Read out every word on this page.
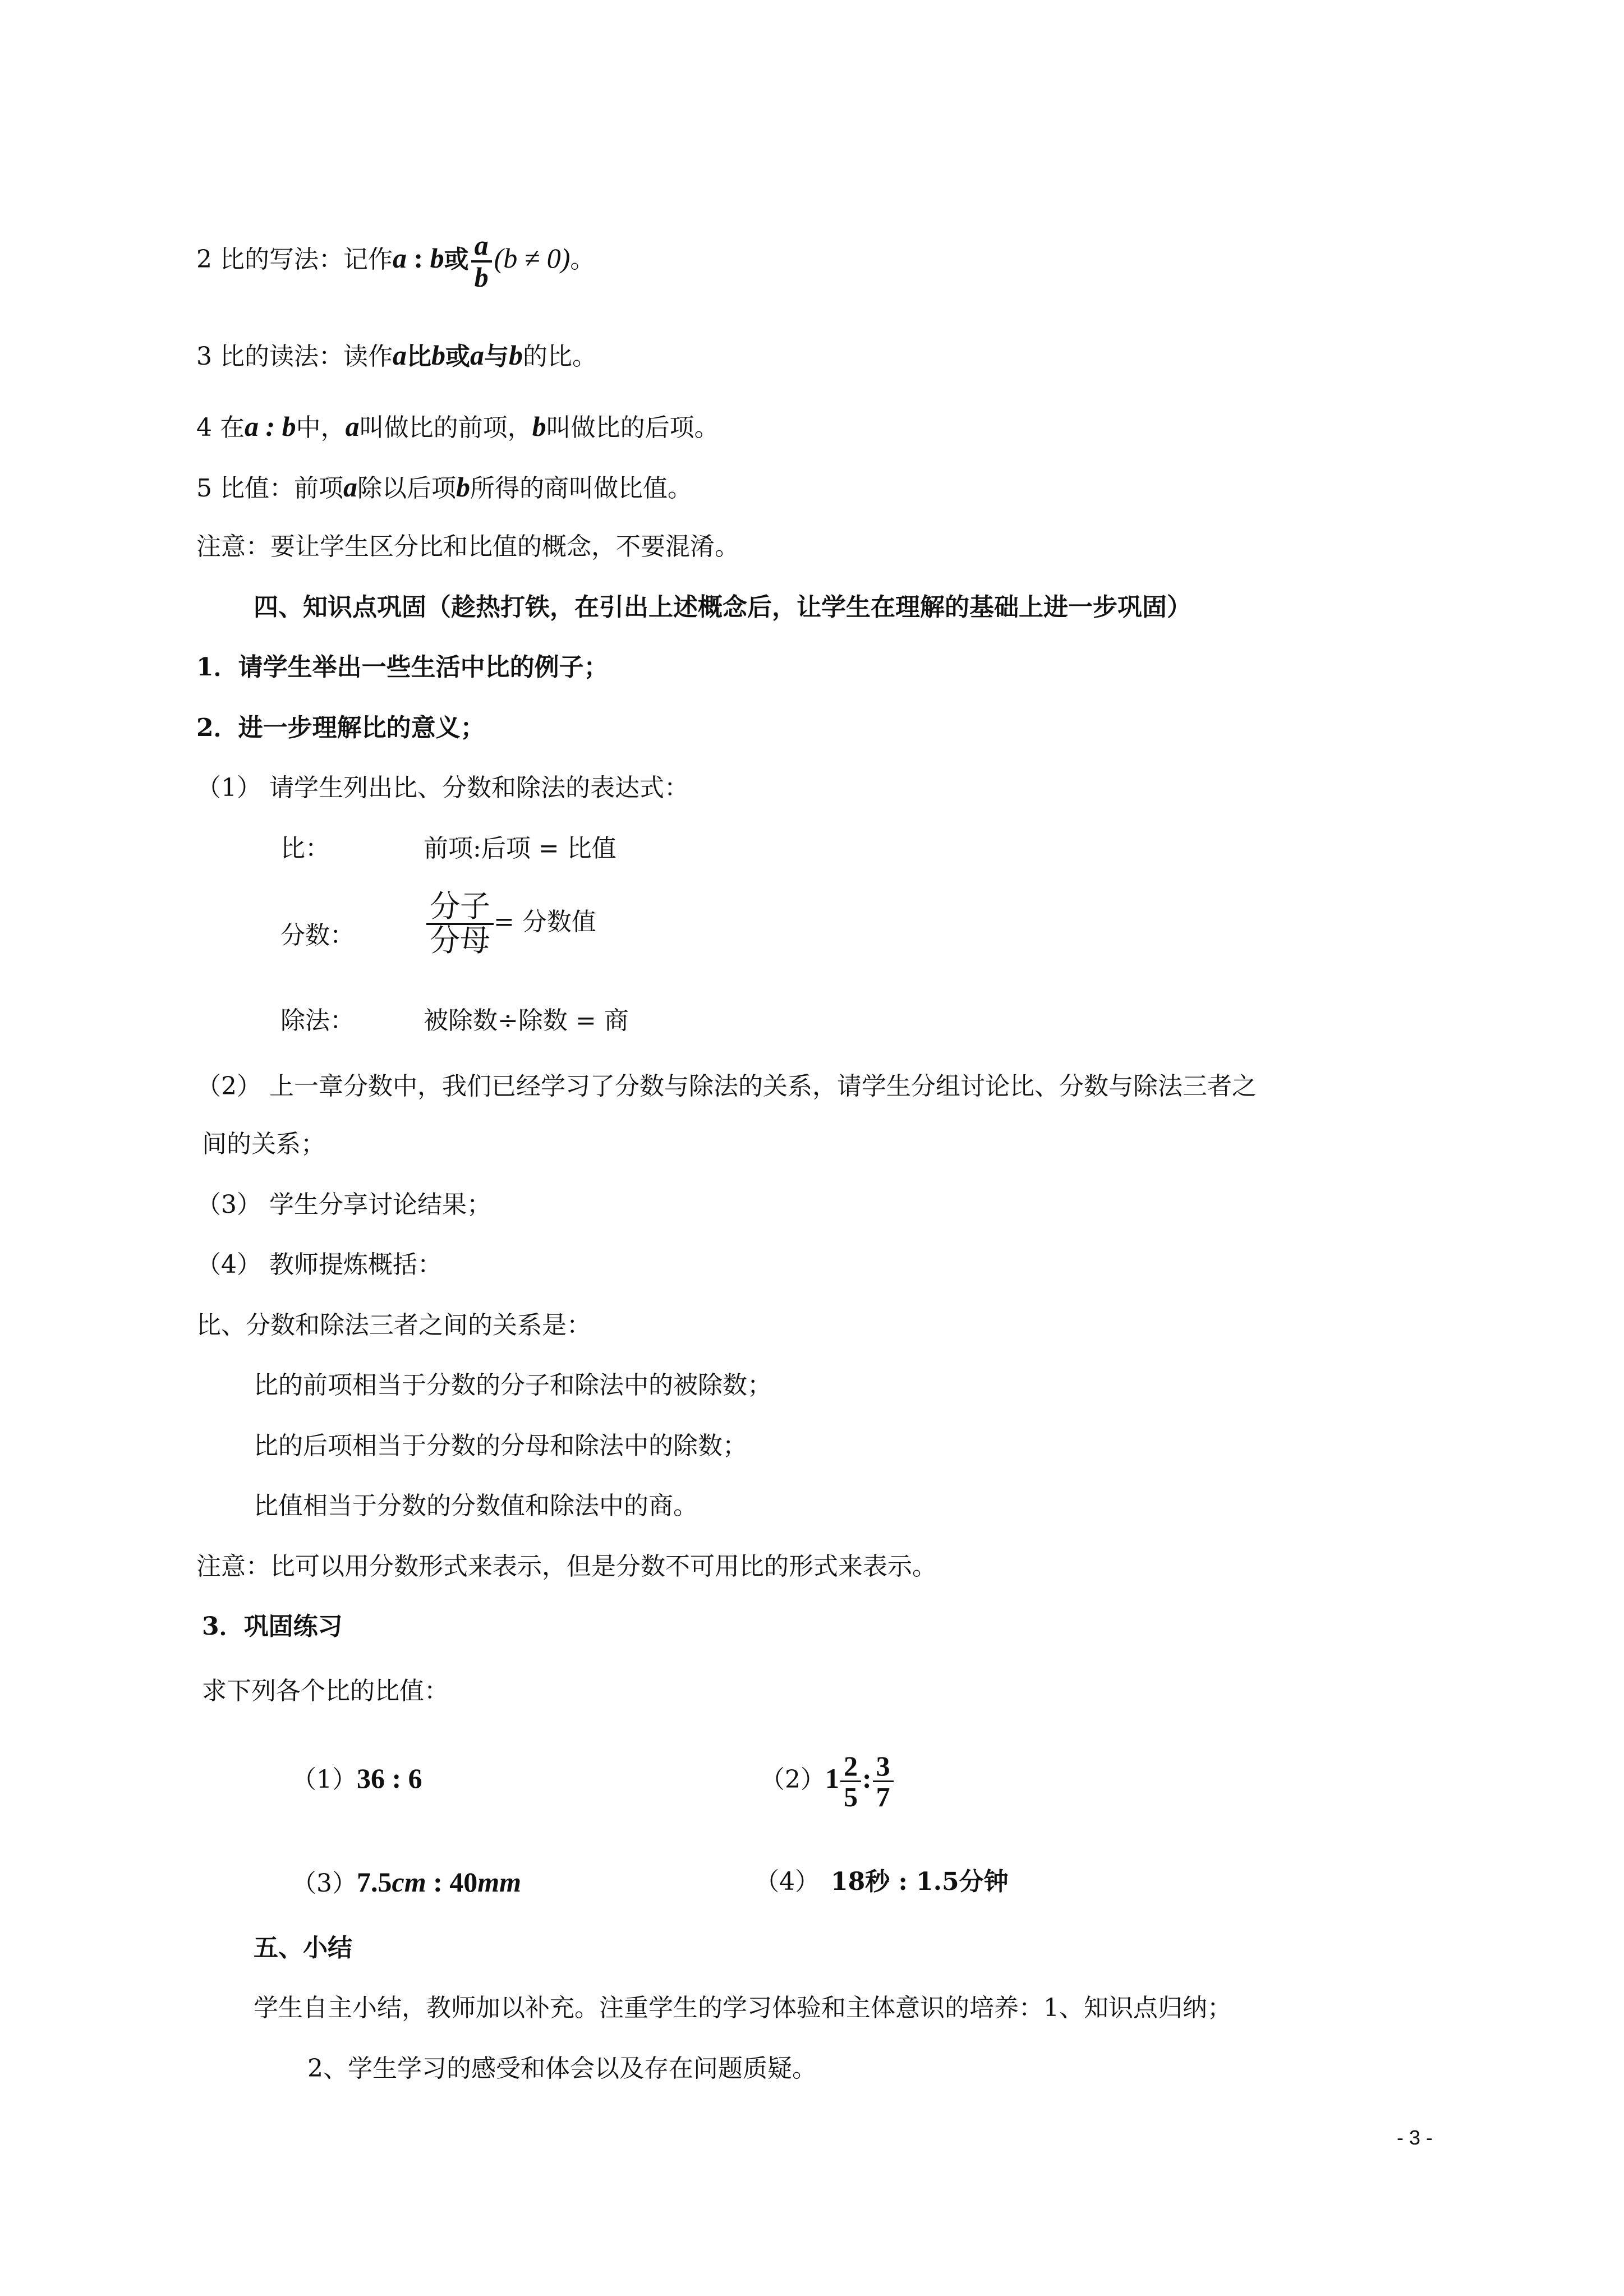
2 比的写法：记作a : b或 $\frac{a}{b} (b \ne 0)$。
3 比的读法：读作a比b或a与b的比。
4 在a : b中，a叫做比的前项，b叫做比的后项。
5 比值：前项a除以后项b所得的商叫做比值。
注意：要让学生区分比和比值的概念，不要混淆。
四、知识点巩固（趁热打铁，在引出上述概念后，让学生在理解的基础上进一步巩固）
1．请学生举出一些生活中比的例子；
2．进一步理解比的意义；
（1） 请学生列出比、分数和除法的表达式：
比：	前项:后项 = 比值
分数： $\frac{\text{分子}}{\text{分母}}$ = 分数值
除法：	被除数÷除数 = 商
（2） 上一章分数中，我们已经学习了分数与除法的关系，请学生分组讨论比、分数与除法三者之
间的关系；
（3） 学生分享讨论结果；
（4） 教师提炼概括：
比、分数和除法三者之间的关系是：
比的前项相当于分数的分子和除法中的被除数；
比的后项相当于分数的分母和除法中的除数；
比值相当于分数的分数值和除法中的商。
注意：比可以用分数形式来表示，但是分数不可用比的形式来表示。
3．巩固练习
求下列各个比的比值：
（1）36 : 6	$(2)1 \frac{2}{5}$ : $\frac{3}{7}$
（3）7.5cm : 40mm	（4） 18秒 : 1.5分钟
五、小结
学生自主小结，教师加以补充。注重学生的学习体验和主体意识的培养：1、知识点归纳；
2、学生学习的感受和体会以及存在问题质疑。
- 3 -
